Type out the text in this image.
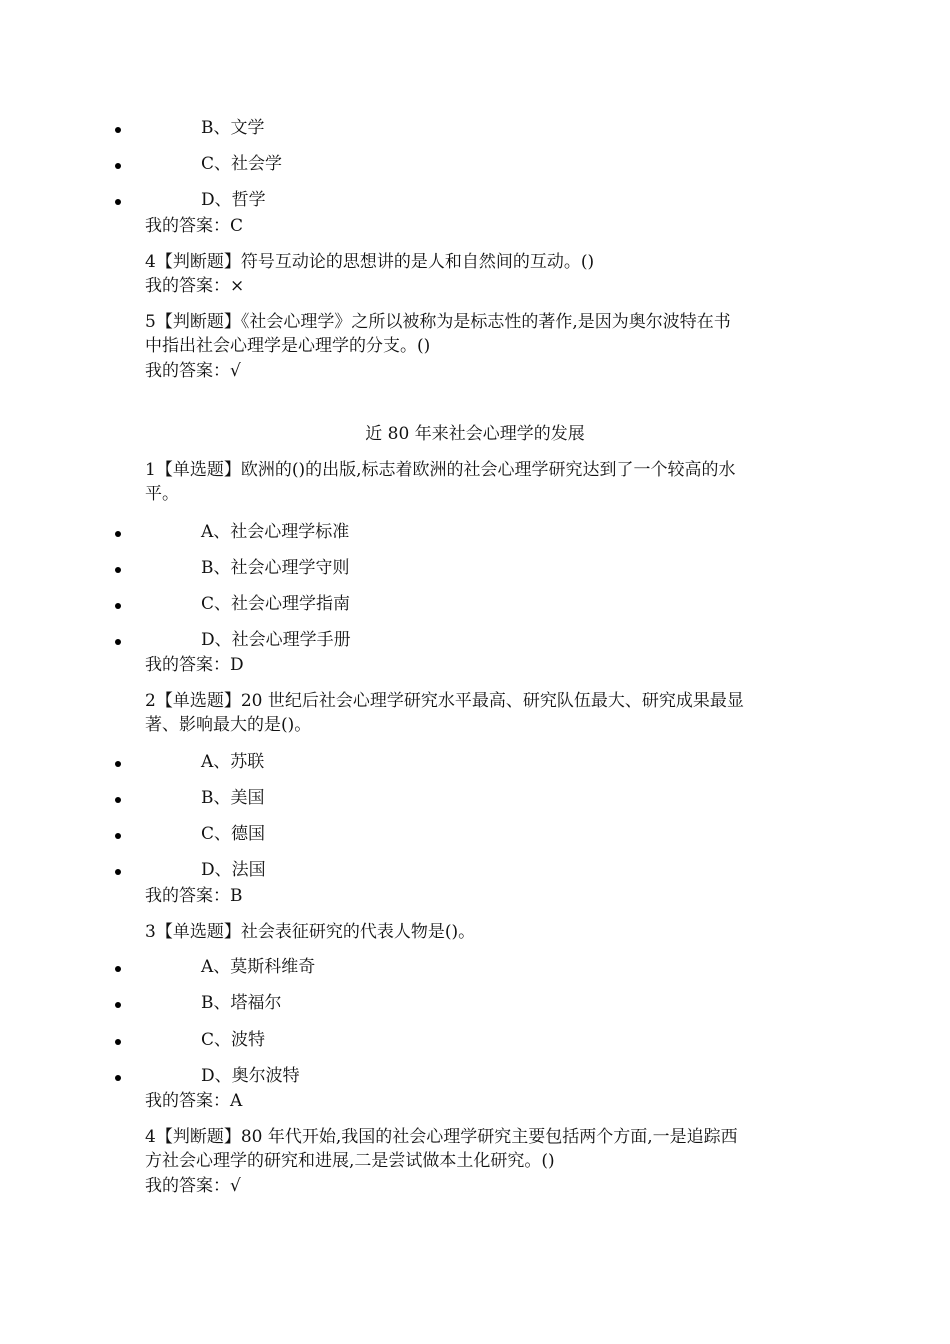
B、文学
C、社会学
D、哲学
我的答案：C
4【判断题】符号互动论的思想讲的是人和自然间的互动。()
我的答案：×
5【判断题】《社会心理学》之所以被称为是标志性的著作,是因为奥尔波特在书
中指出社会心理学是心理学的分支。()
我的答案：√
近 80 年来社会心理学的发展
1【单选题】欧洲的()的出版,标志着欧洲的社会心理学研究达到了一个较高的水
平。
A、社会心理学标准
B、社会心理学守则
C、社会心理学指南
D、社会心理学手册
我的答案：D
2【单选题】20 世纪后社会心理学研究水平最高、研究队伍最大、研究成果最显
著、影响最大的是()。
A、苏联
B、美国
C、德国
D、法国
我的答案：B
3【单选题】社会表征研究的代表人物是()。
A、莫斯科维奇
B、塔福尔
C、波特
D、奥尔波特
我的答案：A
4【判断题】80 年代开始,我国的社会心理学研究主要包括两个方面,一是追踪西
方社会心理学的研究和进展,二是尝试做本土化研究。()
我的答案：√
